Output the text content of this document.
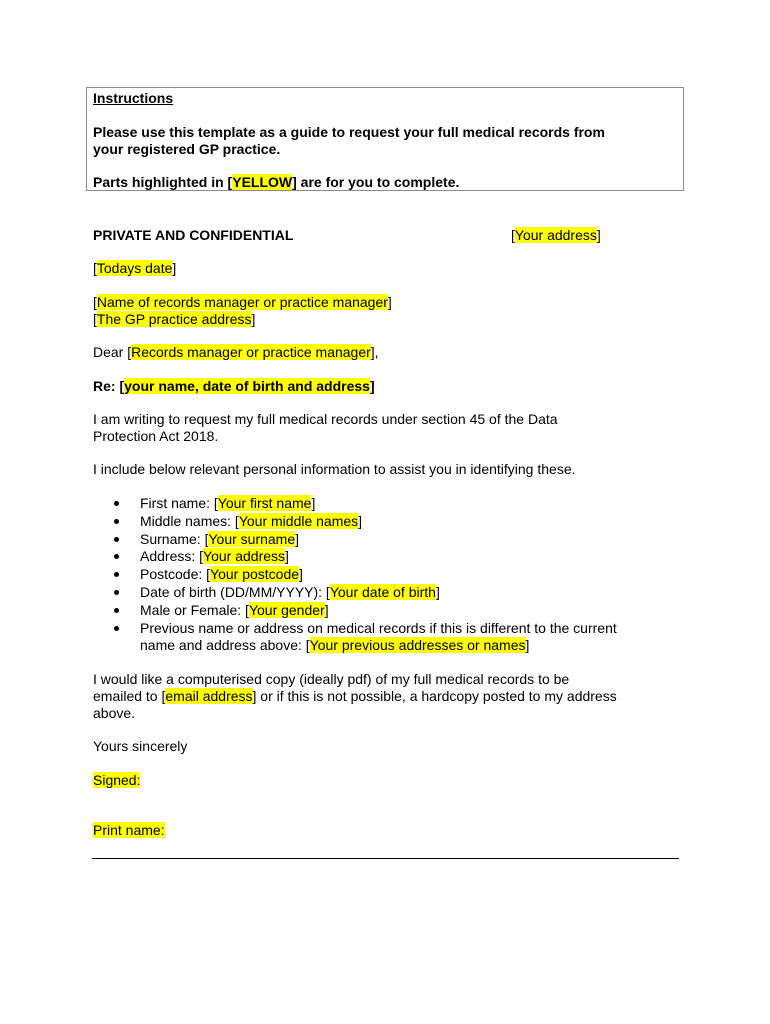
Instructions
Please use this template as a guide to request your full medical records from
your registered GP practice.
Parts highlighted in [YELLOW] are for you to complete.
PRIVATE AND CONFIDENTIAL	[Your address]
[Todays date]
[Name of records manager or practice manager]
[The GP practice address]
Dear [Records manager or practice manager],
Re: [your name, date of birth and address]
I am writing to request my full medical records under section 45 of the Data
Protection Act 2018.
I include below relevant personal information to assist you in identifying these.
First name: [Your first name]
Middle names: [Your middle names]
Surname: [Your surname]
Address: [Your address]
Postcode: [Your postcode]
Date of birth (DD/MM/YYYY): [Your date of birth]
Male or Female: [Your gender]
Previous name or address on medical records if this is different to the current
name and address above: [Your previous addresses or names]
I would like a computerised copy (ideally pdf) of my full medical records to be
emailed to [email address] or if this is not possible, a hardcopy posted to my address
above.
Yours sincerely
Signed:
Print name:
